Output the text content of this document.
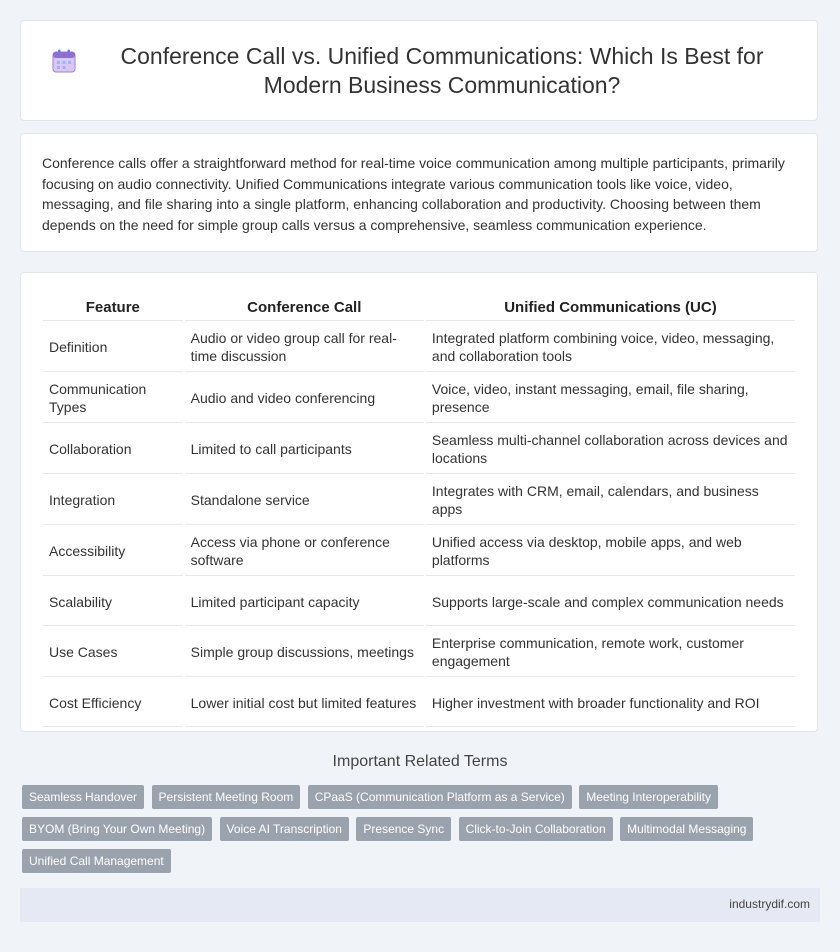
Conference Call vs. Unified Communications: Which Is Best for Modern Business Communication?

Conference calls offer a straightforward method for real-time voice communication among multiple participants, primarily focusing on audio connectivity. Unified Communications integrate various communication tools like voice, video, messaging, and file sharing into a single platform, enhancing collaboration and productivity. Choosing between them depends on the need for simple group calls versus a comprehensive, seamless communication experience.

Feature	Conference Call	Unified Communications (UC)
Definition	Audio or video group call for real-time discussion	Integrated platform combining voice, video, messaging, and collaboration tools
Communication Types	Audio and video conferencing	Voice, video, instant messaging, email, file sharing, presence
Collaboration	Limited to call participants	Seamless multi-channel collaboration across devices and locations
Integration	Standalone service	Integrates with CRM, email, calendars, and business apps
Accessibility	Access via phone or conference software	Unified access via desktop, mobile apps, and web platforms
Scalability	Limited participant capacity	Supports large-scale and complex communication needs
Use Cases	Simple group discussions, meetings	Enterprise communication, remote work, customer engagement
Cost Efficiency	Lower initial cost but limited features	Higher investment with broader functionality and ROI
Important Related Terms
Seamless Handover Persistent Meeting Room CPaaS (Communication Platform as a Service) Meeting Interoperability BYOM (Bring Your Own Meeting) Voice AI Transcription Presence Sync Click-to-Join Collaboration Multimodal Messaging Unified Call Management
industrydif.com
